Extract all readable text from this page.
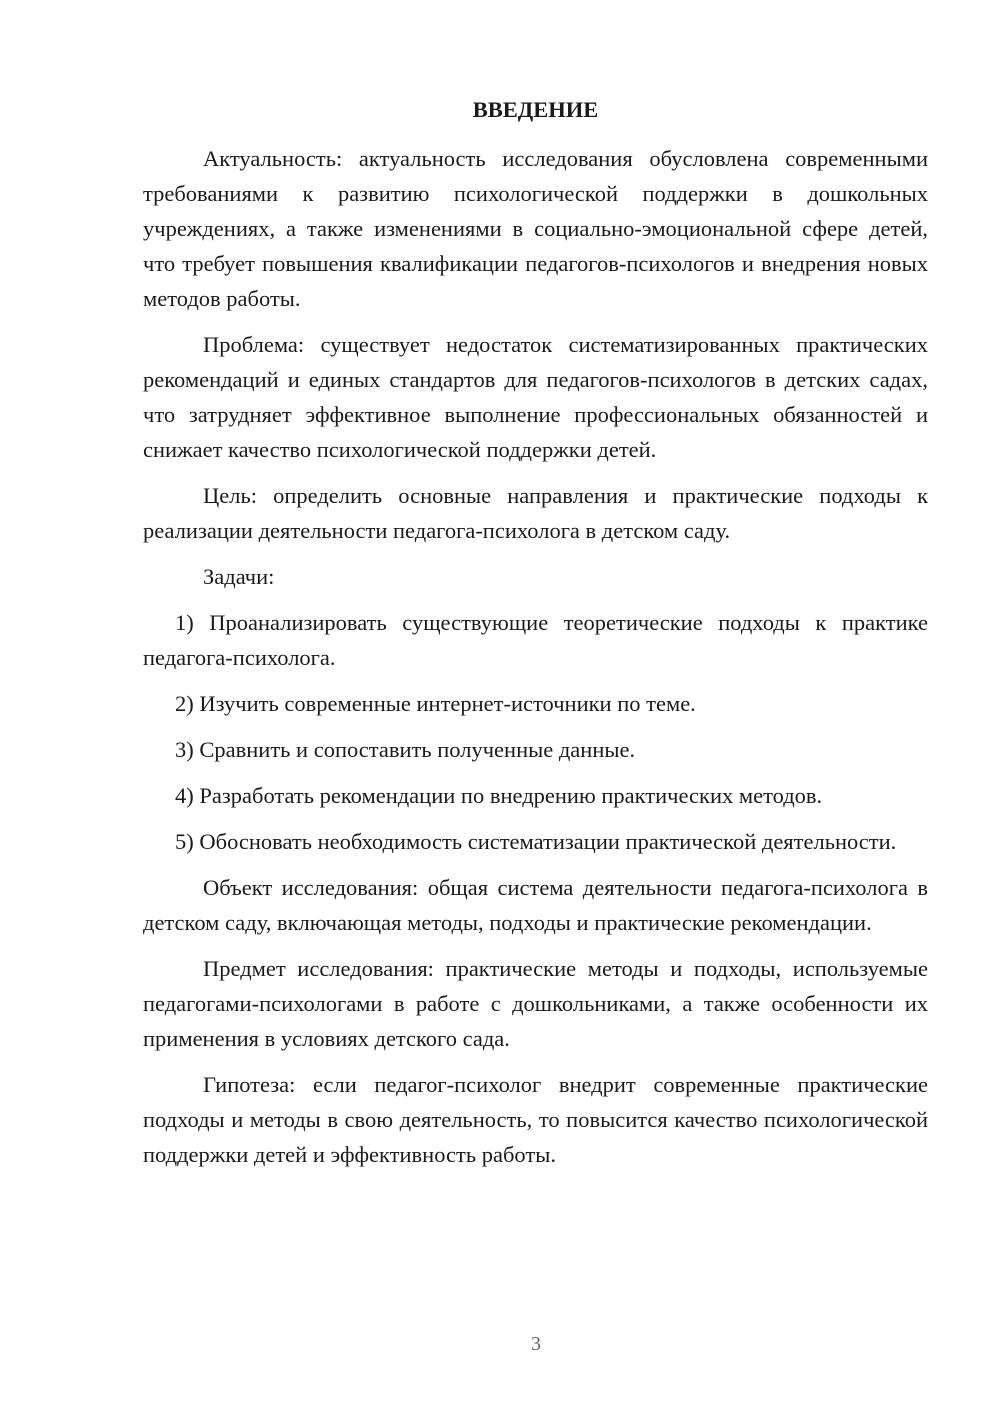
ВВЕДЕНИЕ

Актуальность: актуальность исследования обусловлена современными требованиями к развитию психологической поддержки в дошкольных учреждениях, а также изменениями в социально-эмоциональной сфере детей, что требует повышения квалификации педагогов-психологов и внедрения новых методов работы.

Проблема: существует недостаток систематизированных практических рекомендаций и единых стандартов для педагогов-психологов в детских садах, что затрудняет эффективное выполнение профессиональных обязанностей и снижает качество психологической поддержки детей.

Цель: определить основные направления и практические подходы к реализации деятельности педагога-психолога в детском саду.

Задачи:

1) Проанализировать существующие теоретические подходы к практике педагога-психолога.

2) Изучить современные интернет-источники по теме.

3) Сравнить и сопоставить полученные данные.

4) Разработать рекомендации по внедрению практических методов.

5) Обосновать необходимость систематизации практической деятельности.

Объект исследования: общая система деятельности педагога-психолога в детском саду, включающая методы, подходы и практические рекомендации.

Предмет исследования: практические методы и подходы, используемые педагогами-психологами в работе с дошкольниками, а также особенности их применения в условиях детского сада.

Гипотеза: если педагог-психолог внедрит современные практические подходы и методы в свою деятельность, то повысится качество психологической поддержки детей и эффективность работы.

3
